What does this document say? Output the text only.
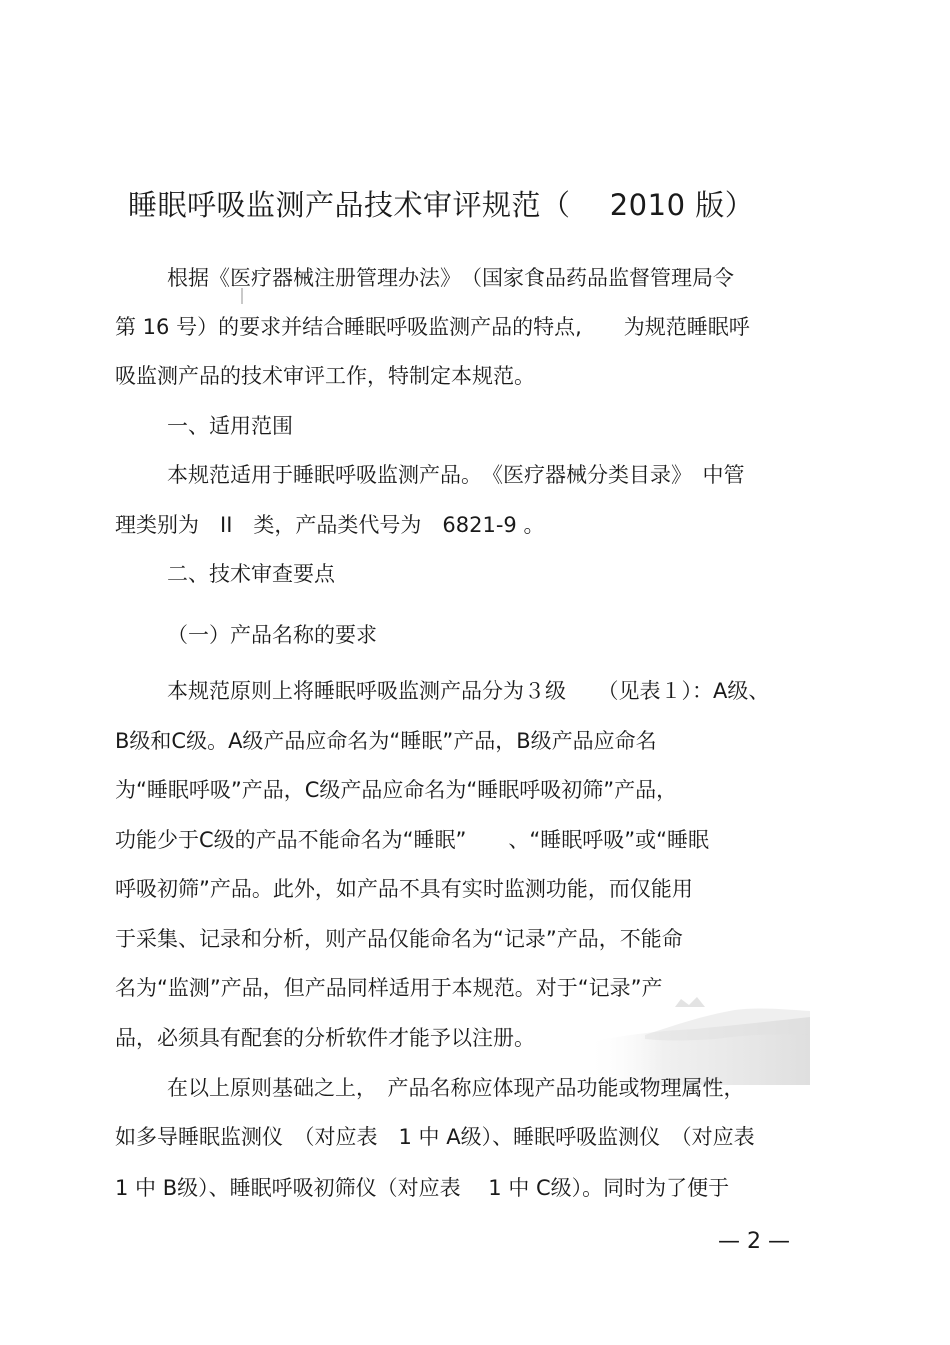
睡眠呼吸监测产品技术审评规范（　 2010 版）
根据《医疗器械注册管理办法》　（国家食品药品监督管理局令
第 16 号）的要求并结合睡眠呼吸监测产品的特点,　　为规范睡眠呼
吸监测产品的技术审评工作，特制定本规范。
一、适用范围
本规范适用于睡眠呼吸监测产品。　《医疗器械分类目录》　中管
理类别为　II　类，产品类代号为　6821-9 。
二、技术审查要点
（一）产品名称的要求
本规范原则上将睡眠呼吸监测产品分为３级　　（见表１）：A级、
B级和C级。A级产品应命名为“睡眠”产品，B级产品应命名
为“睡眠呼吸”产品，C级产品应命名为“睡眠呼吸初筛”产品，
功能少于C级的产品不能命名为“睡眠”　　、“睡眠呼吸”或“睡眠
呼吸初筛”产品。此外，如产品不具有实时监测功能，而仅能用
于采集、记录和分析，则产品仅能命名为“记录”产品，不能命
名为“监测”产品，但产品同样适用于本规范。对于“记录”产
品，必须具有配套的分析软件才能予以注册。
在以上原则基础之上，　产品名称应体现产品功能或物理属性，
如多导睡眠监测仪　（对应表　1 中 A级）、睡眠呼吸监测仪　（对应表
1 中 B级）、睡眠呼吸初筛仪（对应表　 1 中 C级）。同时为了便于
— 2 —
